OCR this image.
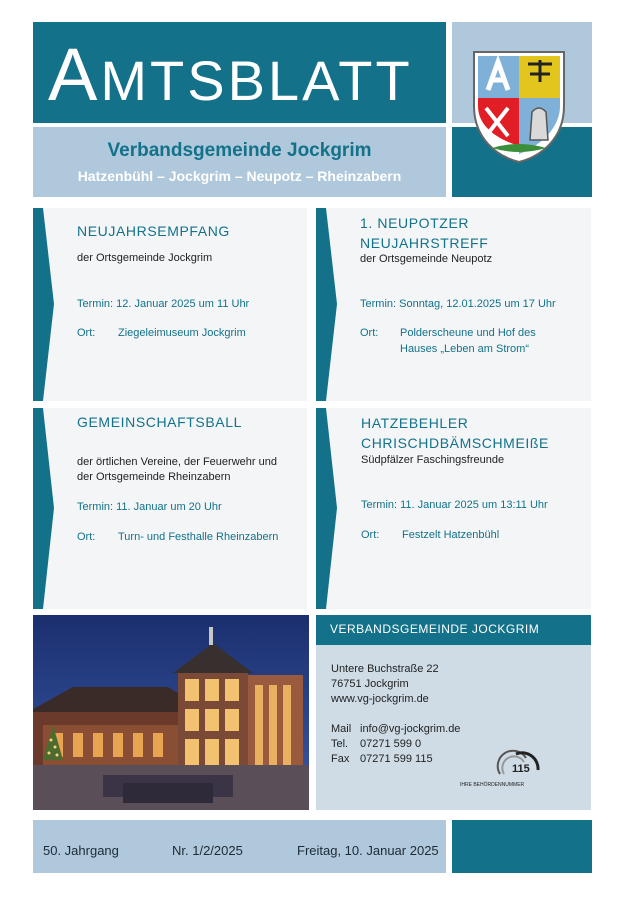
AMTSBLATT
Verbandsgemeinde Jockgrim
Hatzenbühl – Jockgrim – Neupotz – Rheinzabern
NEUJAHRSEMPFANG
der Ortsgemeinde Jockgrim
Termin: 12. Januar 2025 um 11 Uhr
Ort: Ziegeleimuseum Jockgrim
1. NEUPOTZER
NEUJAHRSTREFF
der Ortsgemeinde Neupotz
Termin: Sonntag, 12.01.2025 um 17 Uhr
Ort: Polderscheune und Hof des
Hauses „Leben am Strom“
GEMEINSCHAFTSBALL
der örtlichen Vereine, der Feuerwehr und
der Ortsgemeinde Rheinzabern
Termin: 11. Januar um 20 Uhr
Ort: Turn- und Festhalle Rheinzabern
HATZEBEHLER
CHRISCHDBÄMSCHMEIßE
Südpfälzer Faschingsfreunde
Termin: 11. Januar 2025 um 13:11 Uhr
Ort: Festzelt Hatzenbühl
VERBANDSGEMEINDE JOCKGRIM
Untere Buchstraße 22
76751 Jockgrim
www.vg-jockgrim.de
Mail info@vg-jockgrim.de
Tel. 07271 599 0
Fax 07271 599 115
115
IHRE BEHÖRDENNUMMER
50. Jahrgang	Nr. 1/2/2025	Freitag, 10. Januar 2025
